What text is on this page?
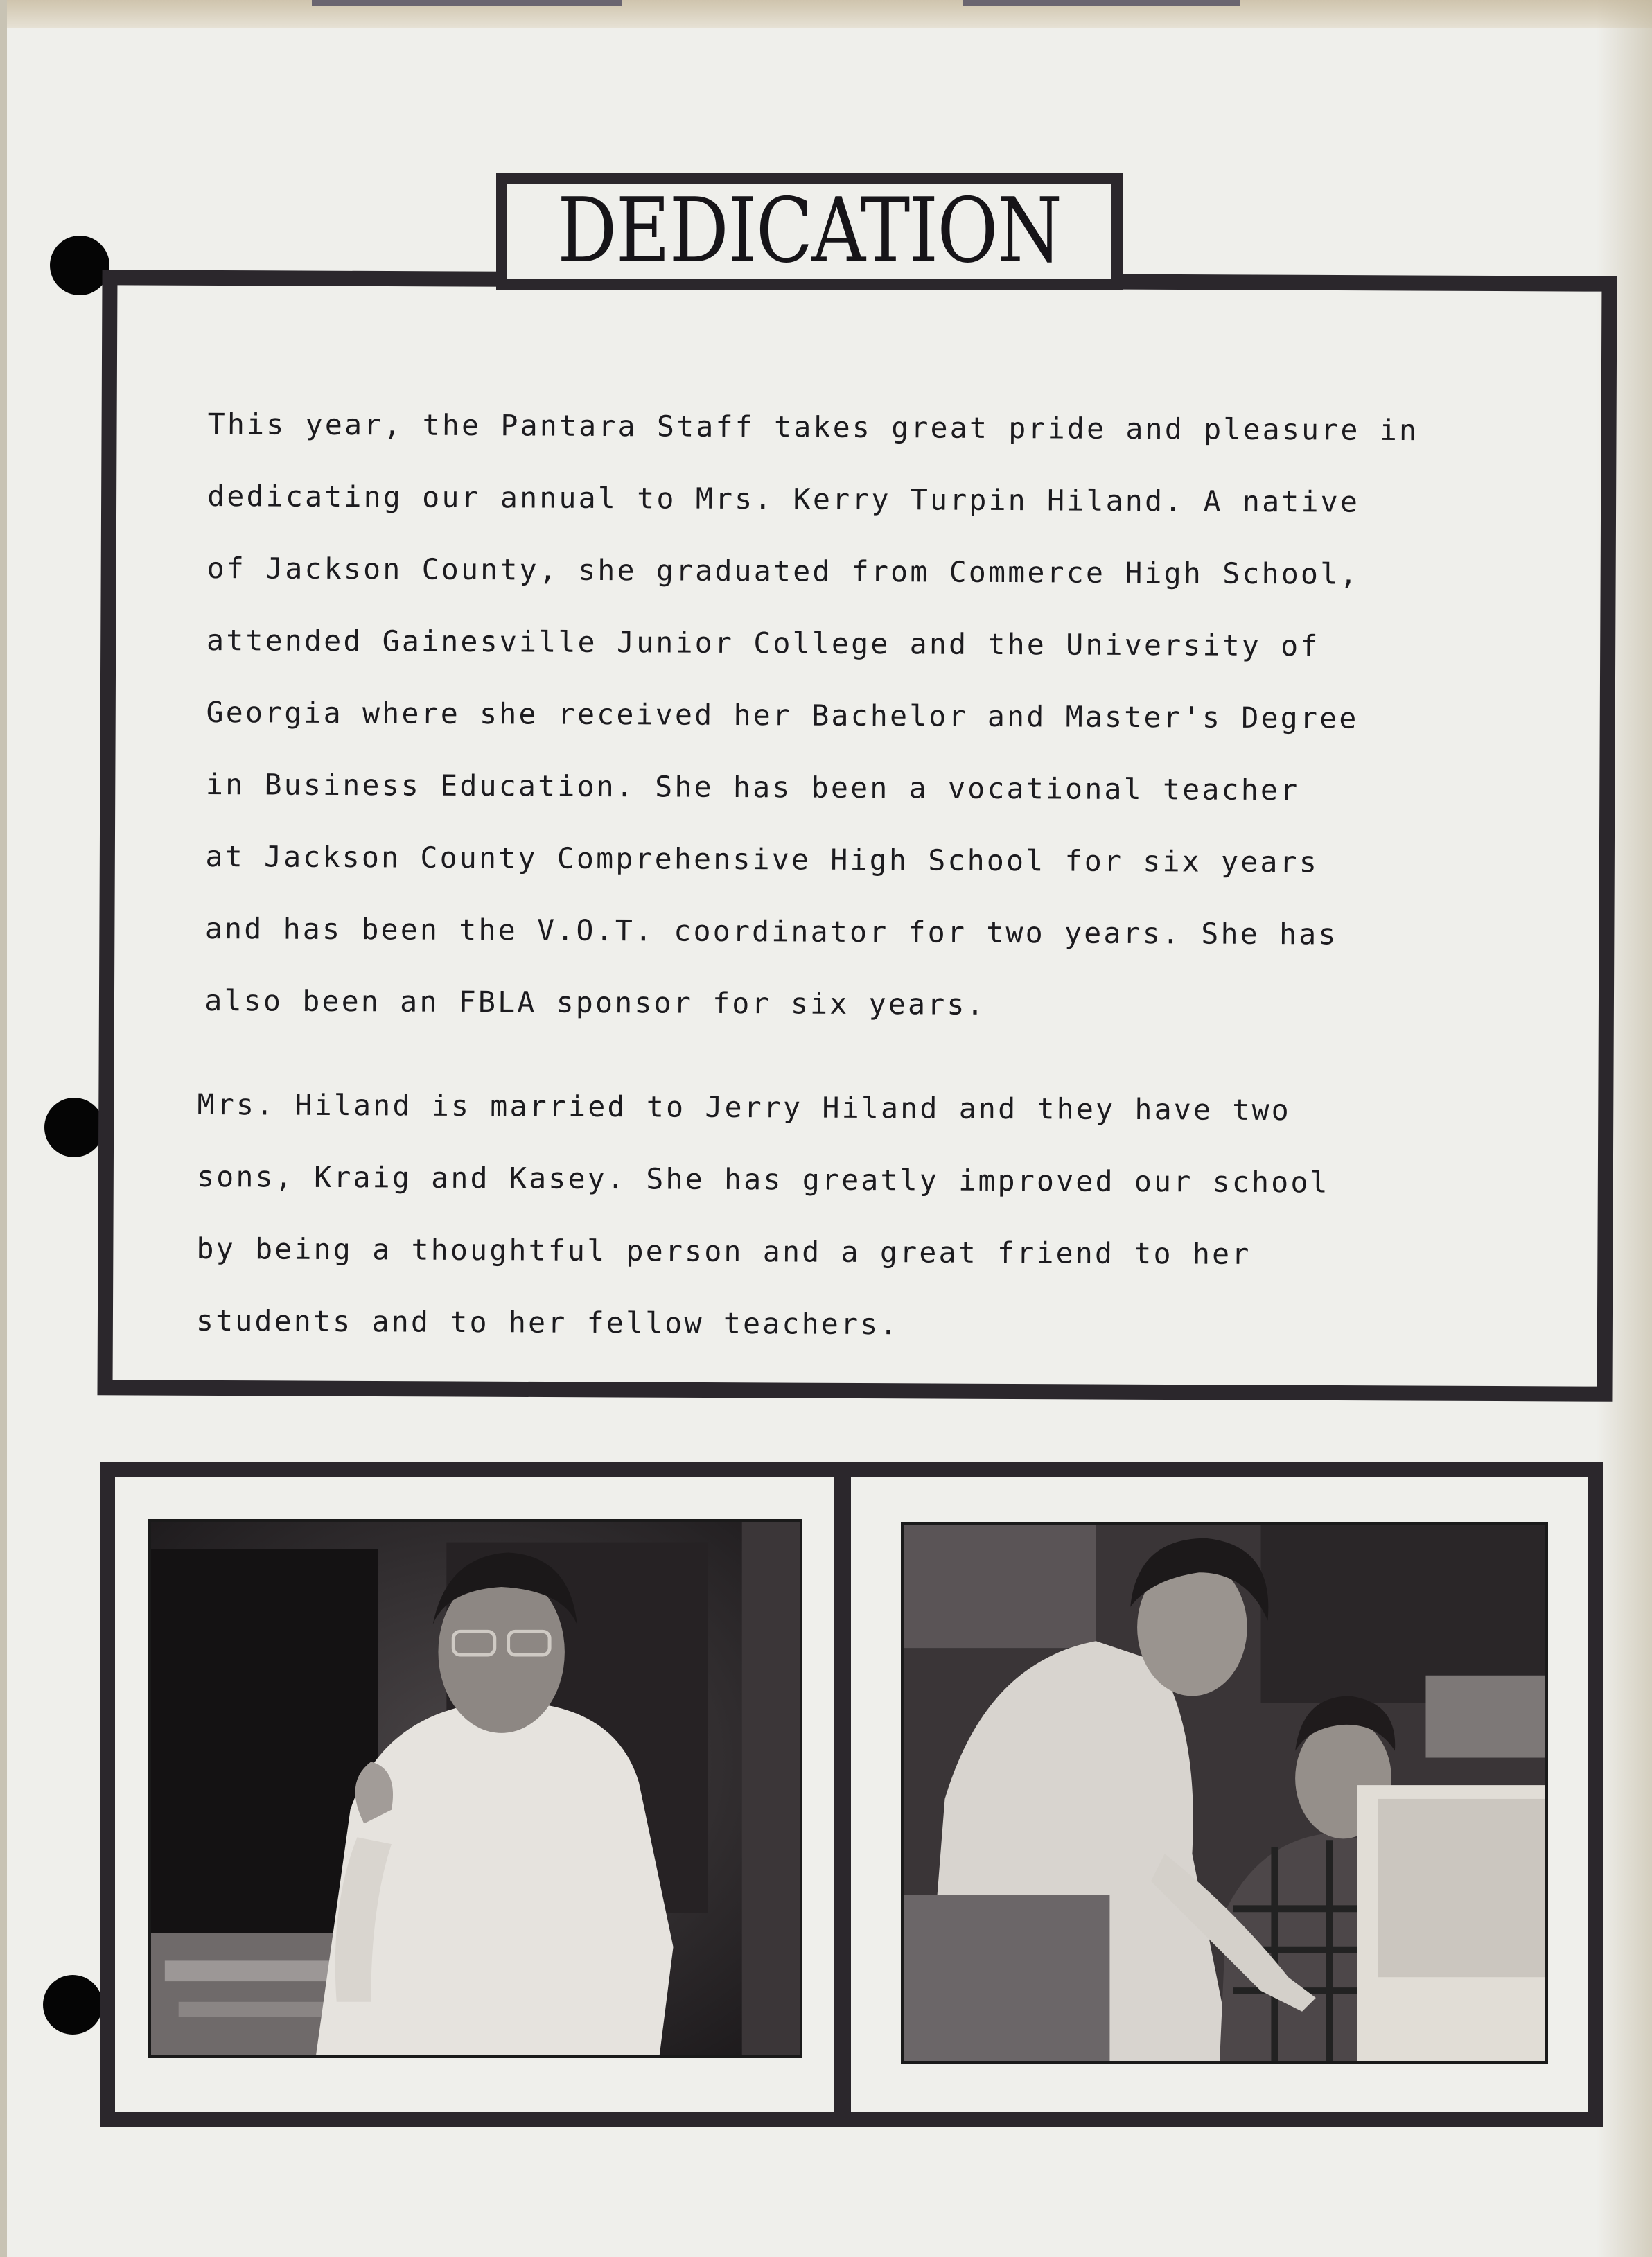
DEDICATION
This year, the Pantara Staff takes great pride and pleasure in
dedicating our annual to Mrs. Kerry Turpin Hiland. A native
of Jackson County, she graduated from Commerce High School,
attended Gainesville Junior College and the University of
Georgia where she received her Bachelor and Master's Degree
in Business Education. She has been a vocational teacher
at Jackson County Comprehensive High School for six years
and has been the V.O.T. coordinator for two years. She has
also been an FBLA sponsor for six years.
Mrs. Hiland is married to Jerry Hiland and they have two
sons, Kraig and Kasey. She has greatly improved our school
by being a thoughtful person and a great friend to her
students and to her fellow teachers.
